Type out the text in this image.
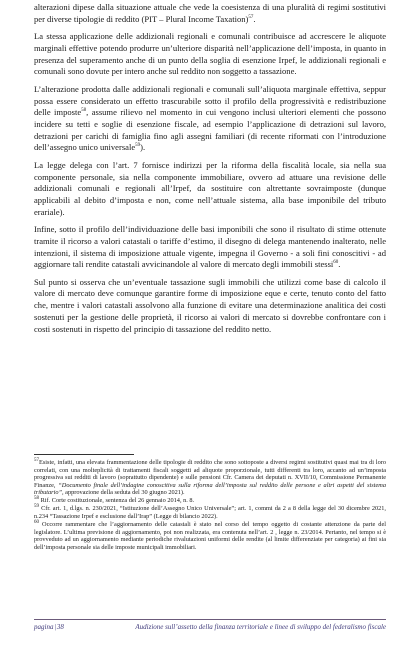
alterazioni dipese dalla situazione attuale che vede la coesistenza di una pluralità di regimi sostitutivi per diverse tipologie di reddito (PIT – Plural Income Taxation)$^{57}$.

La stessa applicazione delle addizionali regionali e comunali contribuisce ad accrescere le aliquote marginali effettive potendo produrre un’ulteriore disparità nell’applicazione dell’imposta, in quanto in presenza del superamento anche di un punto della soglia di esenzione Irpef, le addizionali regionali e comunali sono dovute per intero anche sul reddito non soggetto a tassazione.

L’alterazione prodotta dalle addizionali regionali e comunali sull’aliquota marginale effettiva, seppur possa essere considerato un effetto trascurabile sotto il profilo della progressività e redistribuzione delle imposte$^{58}$, assume rilievo nel momento in cui vengono inclusi ulteriori elementi che possono incidere su tetti e soglie di esenzione fiscale, ad esempio l’applicazione di detrazioni sul lavoro, detrazioni per carichi di famiglia fino agli assegni familiari (di recente riformati con l’introduzione dell’assegno unico universale$^{59}$).

La legge delega con l’art. 7 fornisce indirizzi per la riforma della fiscalità locale, sia nella sua componente personale, sia nella componente immobiliare, ovvero ad attuare una revisione delle addizionali comunali e regionali all’Irpef, da sostituire con altrettante sovraimposte (dunque applicabili al debito d’imposta e non, come nell’attuale sistema, alla base imponibile del tributo erariale).

Infine, sotto il profilo dell’individuazione delle basi imponibili che sono il risultato di stime ottenute tramite il ricorso a valori catastali o tariffe d’estimo, il disegno di delega mantenendo inalterato, nelle intenzioni, il sistema di imposizione attuale vigente, impegna il Governo - a soli fini conoscitivi - ad aggiornare tali rendite catastali avvicinandole al valore di mercato degli immobili stessi$^{60}$.

Sul punto si osserva che un’eventuale tassazione sugli immobili che utilizzi come base di calcolo il valore di mercato deve comunque garantire forme di imposizione eque e certe, tenuto conto del fatto che, mentre i valori catastali assolvono alla funzione di evitare una determinazione analitica dei costi sostenuti per la gestione delle proprietà, il ricorso ai valori di mercato si dovrebbe confrontare con i costi sostenuti in rispetto del principio di tassazione del reddito netto.

$^{57}$Esiste, infatti, una elevata frammentazione delle tipologie di reddito che sono sottoposte a diversi regimi sostitutivi quasi mai tra di loro correlati, con una molteplicità di trattamenti fiscali soggetti ad aliquote proporzionale, tutti differenti tra loro, accanto ad un’imposta progressiva sui redditi di lavoro (soprattutto dipendente) e sulle pensioni Cfr. Camera dei deputati n. XVII/10, Commissione Permanente Finanze, “Documento finale dell’indagine conoscitiva sulla riforma dell’imposta sul reddito delle persone e altri aspetti del sistema tributario”, approvazione della seduta del 30 giugno 2021).

$^{58}$ Rif. Corte costituzionale, sentenza del 26 gennaio 2014, n. 8.

$^{59}$ Cfr. art. 1, d.lgs. n. 230/2021, “Istituzione dell’Assegno Unico Universale”; art. 1, commi da 2 a 8 della legge del 30 dicembre 2021, n.234 “Tassazione Irpef e esclusione dall’Irap” (Legge di bilancio 2022).

$^{60}$ Occorre rammentare che l’aggiornamento delle catastali è stato nel corso del tempo oggetto di costante attenzione da parte del legislatore. L’ultima previsione di aggiornamento, poi non realizzata, era contenuta nell’art. 2 , legge n. 23/2014. Pertanto, nel tempo si è provveduto ad un aggiornamento mediante periodiche rivalutazioni uniformi delle rendite (al limite differenziate per categoria) ai fini sia dell’imposta personale sia delle imposte municipali immobiliari.

pagina|38	Audizione sull’assetto della finanza territoriale e linee di sviluppo del federalismo fiscale
